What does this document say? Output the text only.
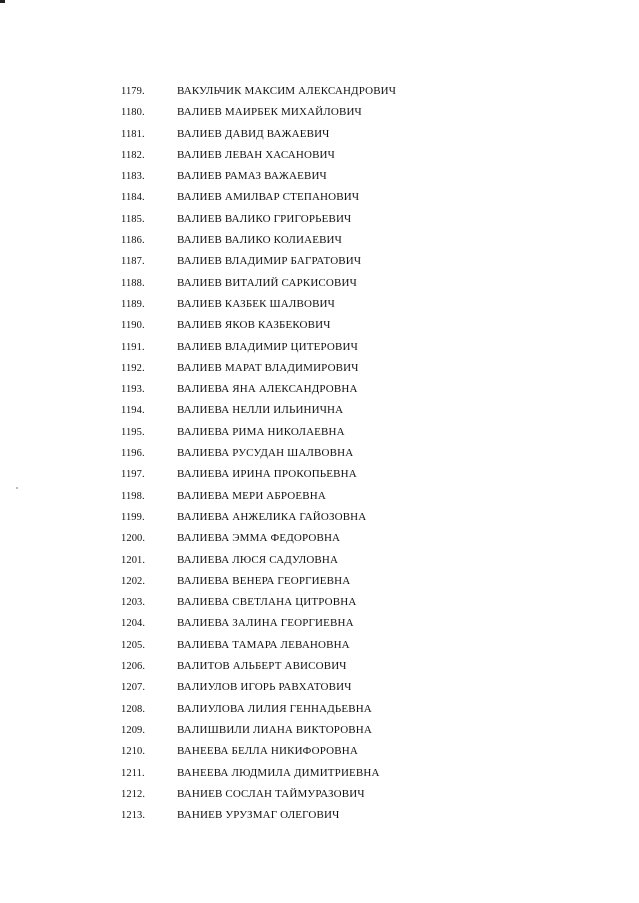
1179.	ВАКУЛЬЧИК МАКСИМ АЛЕКСАНДРОВИЧ
1180.	ВАЛИЕВ МАИРБЕК МИХАЙЛОВИЧ
1181.	ВАЛИЕВ ДАВИД ВАЖАЕВИЧ
1182.	ВАЛИЕВ ЛЕВАН ХАСАНОВИЧ
1183.	ВАЛИЕВ РАМАЗ ВАЖАЕВИЧ
1184.	ВАЛИЕВ АМИЛВАР СТЕПАНОВИЧ
1185.	ВАЛИЕВ ВАЛИКО ГРИГОРЬЕВИЧ
1186.	ВАЛИЕВ ВАЛИКО КОЛИАЕВИЧ
1187.	ВАЛИЕВ ВЛАДИМИР БАГРАТОВИЧ
1188.	ВАЛИЕВ ВИТАЛИЙ САРКИСОВИЧ
1189.	ВАЛИЕВ КАЗБЕК ШАЛВОВИЧ
1190.	ВАЛИЕВ ЯКОВ КАЗБЕКОВИЧ
1191.	ВАЛИЕВ ВЛАДИМИР ЦИТЕРОВИЧ
1192.	ВАЛИЕВ МАРАТ ВЛАДИМИРОВИЧ
1193.	ВАЛИЕВА ЯНА АЛЕКСАНДРОВНА
1194.	ВАЛИЕВА НЕЛЛИ ИЛЬИНИЧНА
1195.	ВАЛИЕВА РИМА НИКОЛАЕВНА
1196.	ВАЛИЕВА РУСУДАН ШАЛВОВНА
1197.	ВАЛИЕВА ИРИНА ПРОКОПЬЕВНА
1198.	ВАЛИЕВА МЕРИ АБРОЕВНА
1199.	ВАЛИЕВА АНЖЕЛИКА ГАЙОЗОВНА
1200.	ВАЛИЕВА ЭММА ФЕДОРОВНА
1201.	ВАЛИЕВА ЛЮСЯ САДУЛОВНА
1202.	ВАЛИЕВА ВЕНЕРА ГЕОРГИЕВНА
1203.	ВАЛИЕВА СВЕТЛАНА ЦИТРОВНА
1204.	ВАЛИЕВА ЗАЛИНА ГЕОРГИЕВНА
1205.	ВАЛИЕВА ТАМАРА ЛЕВАНОВНА
1206.	ВАЛИТОВ АЛЬБЕРТ АВИСОВИЧ
1207.	ВАЛИУЛОВ ИГОРЬ РАВХАТОВИЧ
1208.	ВАЛИУЛОВА ЛИЛИЯ ГЕННАДЬЕВНА
1209.	ВАЛИШВИЛИ ЛИАНА ВИКТОРОВНА
1210.	ВАНЕЕВА БЕЛЛА НИКИФОРОВНА
1211.	ВАНЕЕВА ЛЮДМИЛА ДИМИТРИЕВНА
1212.	ВАНИЕВ СОСЛАН ТАЙМУРАЗОВИЧ
1213.	ВАНИЕВ УРУЗМАГ ОЛЕГОВИЧ
